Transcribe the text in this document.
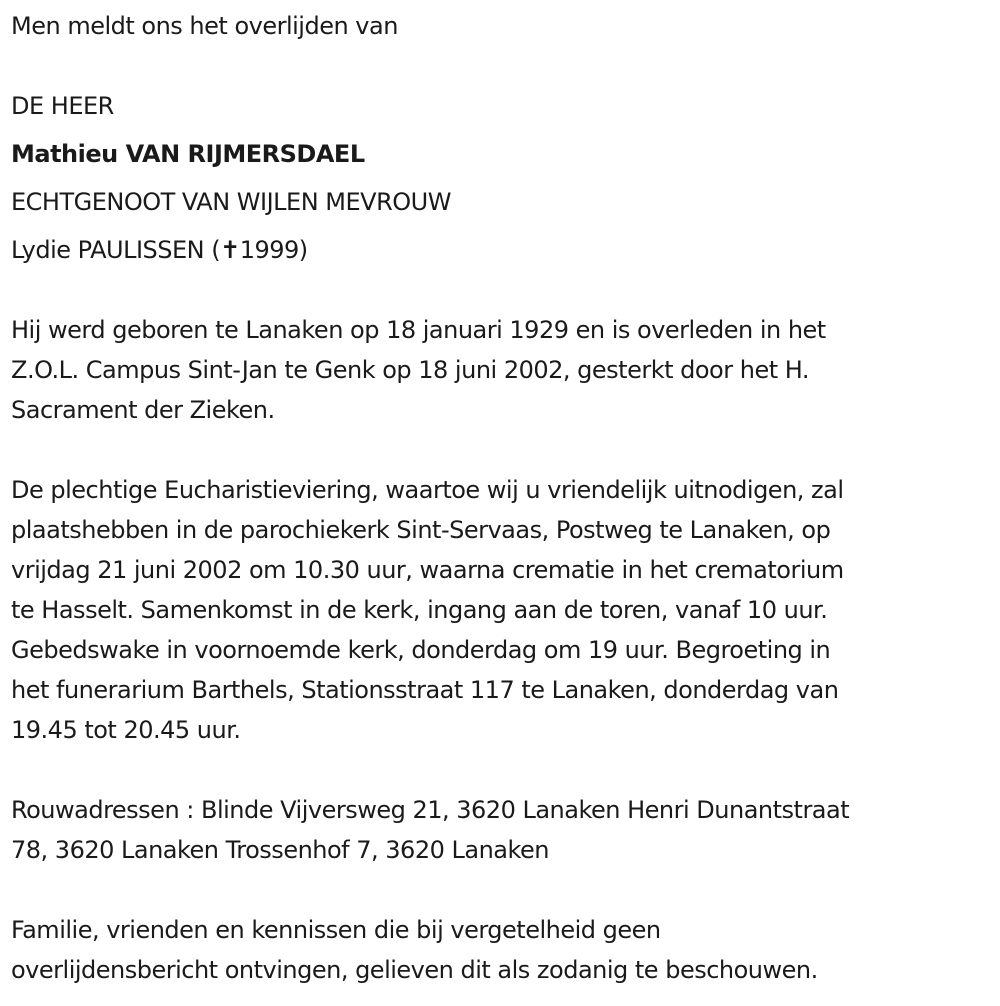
Men meldt ons het overlijden van

DE HEER

Mathieu VAN RIJMERSDAEL

ECHTGENOOT VAN WIJLEN MEVROUW

Lydie PAULISSEN (✝1999)

Hij werd geboren te Lanaken op 18 januari 1929 en is overleden in het
Z.O.L. Campus Sint-Jan te Genk op 18 juni 2002, gesterkt door het H.
Sacrament der Zieken.

De plechtige Eucharistieviering, waartoe wij u vriendelijk uitnodigen, zal
plaatshebben in de parochiekerk Sint-Servaas, Postweg te Lanaken, op
vrijdag 21 juni 2002 om 10.30 uur, waarna crematie in het crematorium
te Hasselt. Samenkomst in de kerk, ingang aan de toren, vanaf 10 uur.
Gebedswake in voornoemde kerk, donderdag om 19 uur. Begroeting in
het funerarium Barthels, Stationsstraat 117 te Lanaken, donderdag van
19.45 tot 20.45 uur.

Rouwadressen : Blinde Vijversweg 21, 3620 Lanaken Henri Dunantstraat
78, 3620 Lanaken Trossenhof 7, 3620 Lanaken

Familie, vrienden en kennissen die bij vergetelheid geen
overlijdensbericht ontvingen, gelieven dit als zodanig te beschouwen.
